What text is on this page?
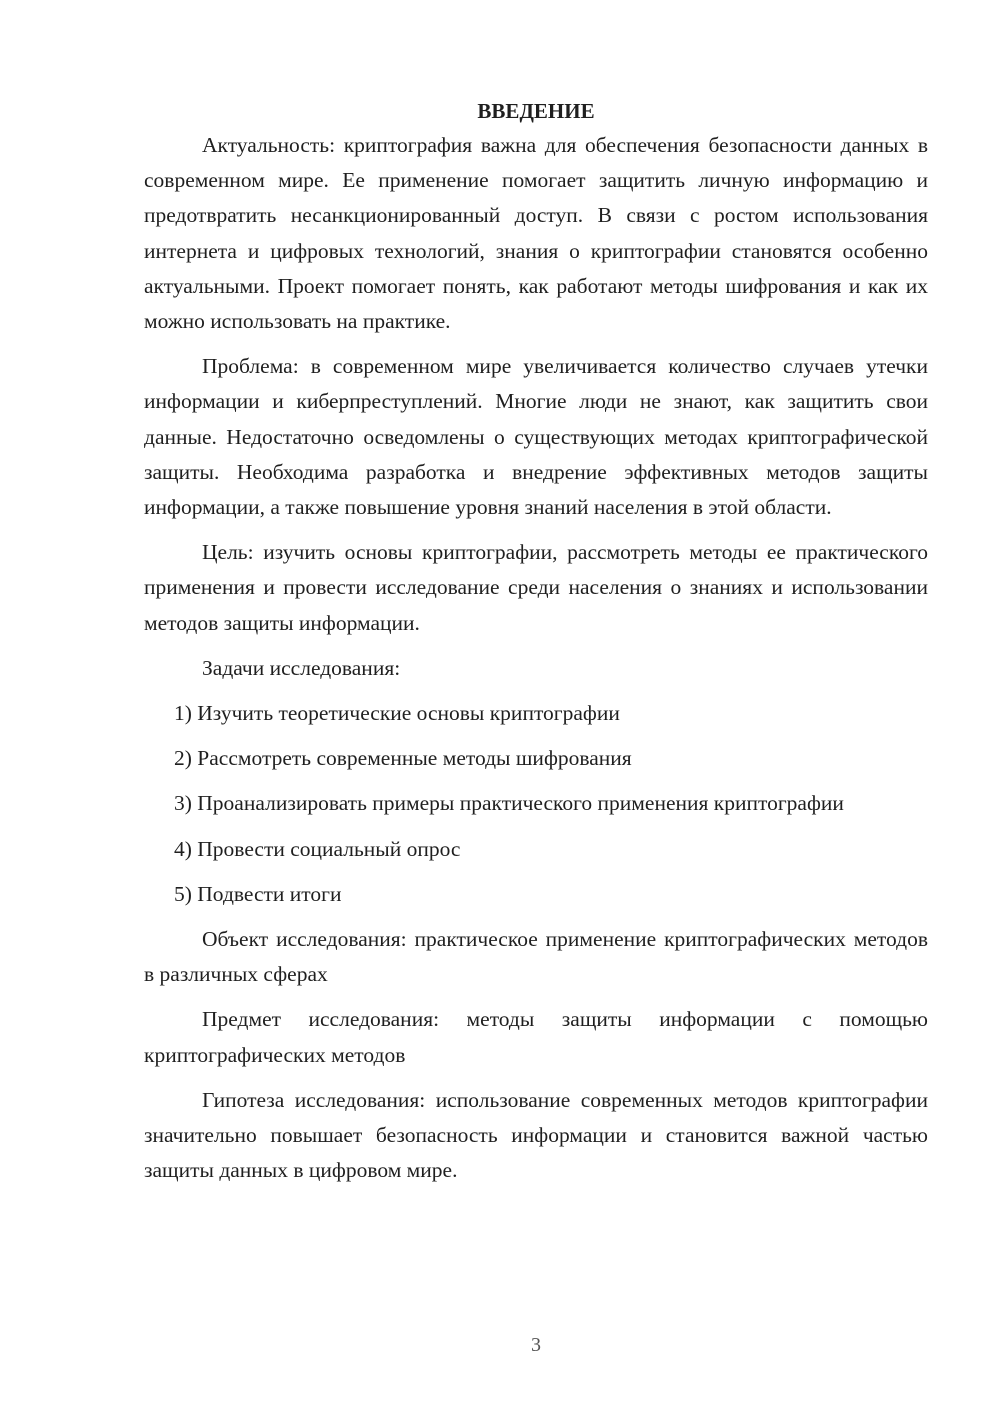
ВВЕДЕНИЕ

Актуальность: криптография важна для обеспечения безопасности данных в современном мире. Ее применение помогает защитить личную информацию и предотвратить несанкционированный доступ. В связи с ростом использования интернета и цифровых технологий, знания о криптографии становятся особенно актуальными. Проект помогает понять, как работают методы шифрования и как их можно использовать на практике.

Проблема: в современном мире увеличивается количество случаев утечки информации и киберпреступлений. Многие люди не знают, как защитить свои данные. Недостаточно осведомлены о существующих методах криптографической защиты. Необходима разработка и внедрение эффективных методов защиты информации, а также повышение уровня знаний населения в этой области.

Цель: изучить основы криптографии, рассмотреть методы ее практического применения и провести исследование среди населения о знаниях и использовании методов защиты информации.

Задачи исследования:

1) Изучить теоретические основы криптографии

2) Рассмотреть современные методы шифрования

3) Проанализировать примеры практического применения криптографии

4) Провести социальный опрос

5) Подвести итоги

Объект исследования: практическое применение криптографических методов в различных сферах

Предмет исследования: методы защиты информации с помощью криптографических методов

Гипотеза исследования: использование современных методов криптографии значительно повышает безопасность информации и становится важной частью защиты данных в цифровом мире.

3
